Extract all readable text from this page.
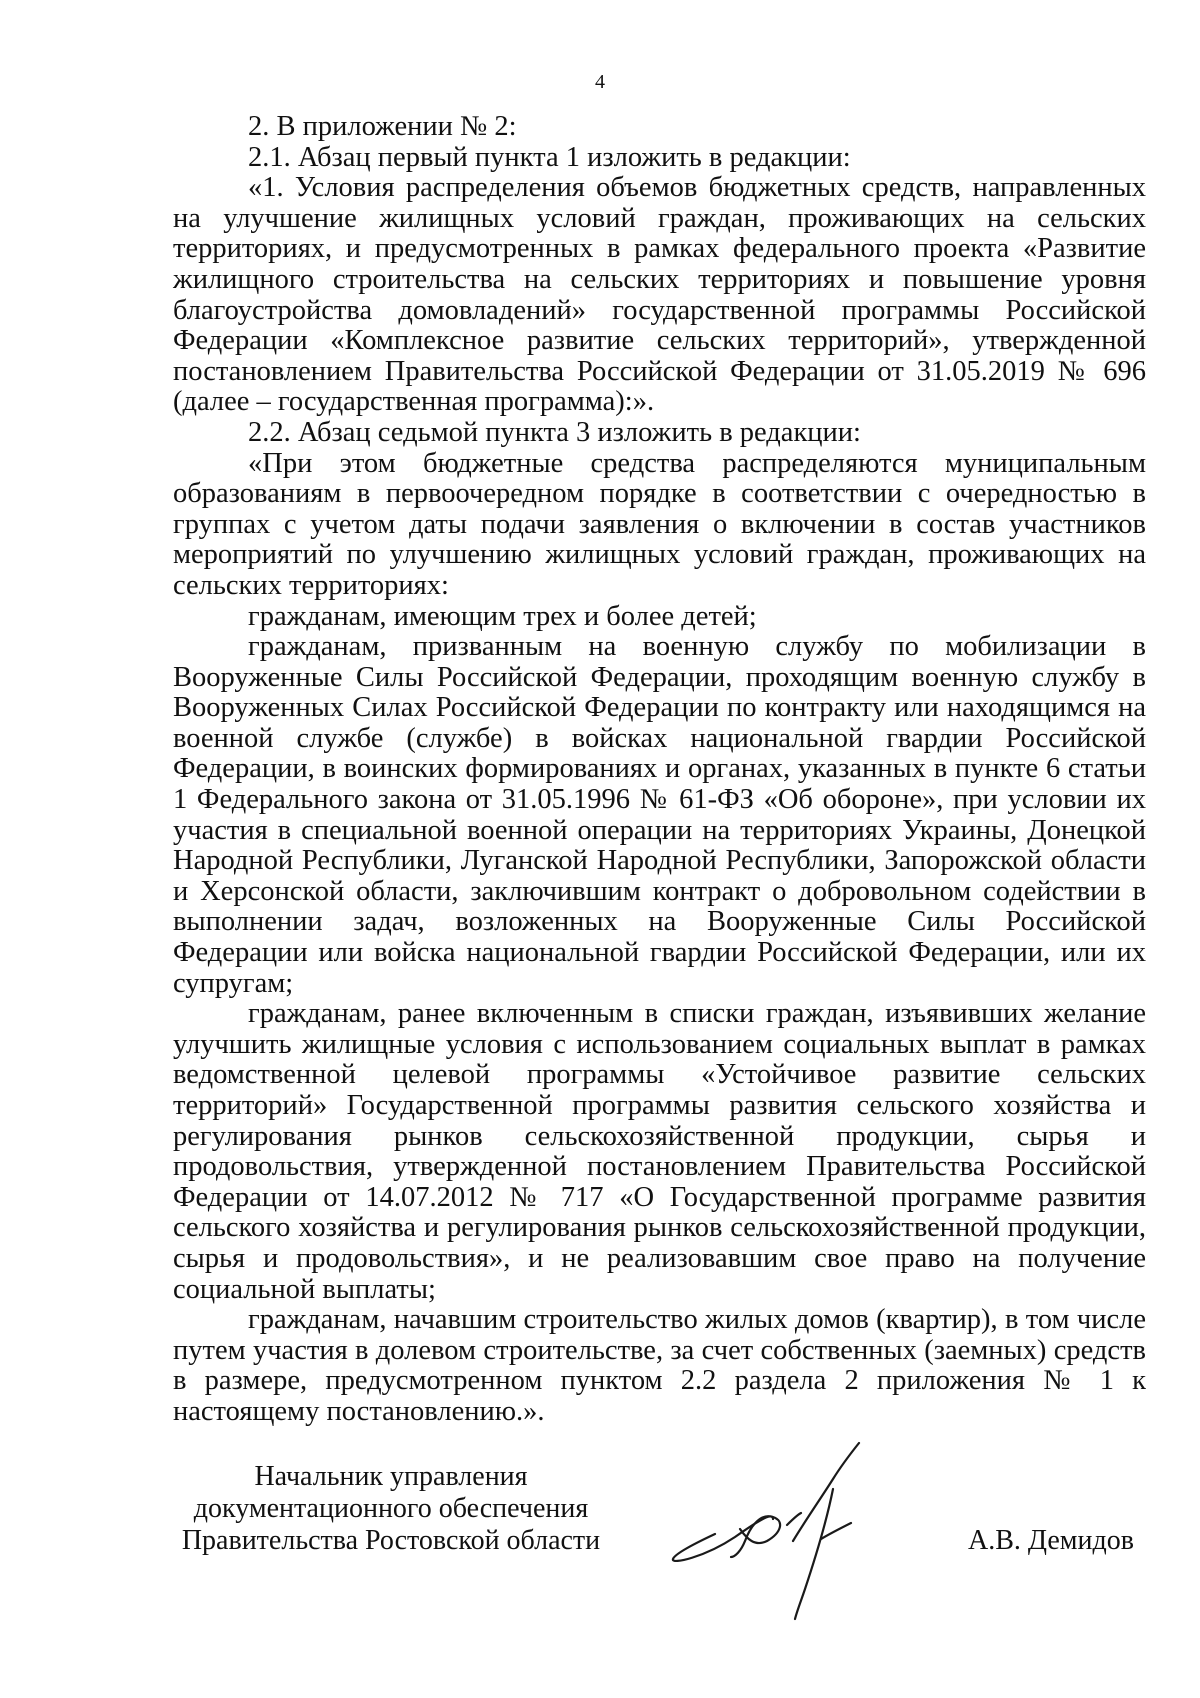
4

2. В приложении № 2:

2.1. Абзац первый пункта 1 изложить в редакции:

«1. Условия распределения объемов бюджетных средств, направленных на улучшение жилищных условий граждан, проживающих на сельских территориях, и предусмотренных в рамках федерального проекта «Развитие жилищного строительства на сельских территориях и повышение уровня благоустройства домовладений» государственной программы Российской Федерации «Комплексное развитие сельских территорий», утвержденной постановлением Правительства Российской Федерации от 31.05.2019 № 696 (далее – государственная программа):».

2.2. Абзац седьмой пункта 3 изложить в редакции:

«При этом бюджетные средства распределяются муниципальным образованиям в первоочередном порядке в соответствии с очередностью в группах с учетом даты подачи заявления о включении в состав участников мероприятий по улучшению жилищных условий граждан, проживающих на сельских территориях:

гражданам, имеющим трех и более детей;

гражданам, призванным на военную службу по мобилизации в Вооруженные Силы Российской Федерации, проходящим военную службу в Вооруженных Силах Российской Федерации по контракту или находящимся на военной службе (службе) в войсках национальной гвардии Российской Федерации, в воинских формированиях и органах, указанных в пункте 6 статьи 1 Федерального закона от 31.05.1996 № 61-ФЗ «Об обороне», при условии их участия в специальной военной операции на территориях Украины, Донецкой Народной Республики, Луганской Народной Республики, Запорожской области и Херсонской области, заключившим контракт о добровольном содействии в выполнении задач, возложенных на Вооруженные Силы Российской Федерации или войска национальной гвардии Российской Федерации, или их супругам;

гражданам, ранее включенным в списки граждан, изъявивших желание улучшить жилищные условия с использованием социальных выплат в рамках ведомственной целевой программы «Устойчивое развитие сельских территорий» Государственной программы развития сельского хозяйства и регулирования рынков сельскохозяйственной продукции, сырья и продовольствия, утвержденной постановлением Правительства Российской Федерации от 14.07.2012 № 717 «О Государственной программе развития сельского хозяйства и регулирования рынков сельскохозяйственной продукции, сырья и продовольствия», и не реализовавшим свое право на получение социальной выплаты;

гражданам, начавшим строительство жилых домов (квартир), в том числе путем участия в долевом строительстве, за счет собственных (заемных) средств в размере, предусмотренном пунктом 2.2 раздела 2 приложения № 1 к настоящему постановлению.».

Начальник управления
документационного обеспечения
Правительства Ростовской области	А.В. Демидов
